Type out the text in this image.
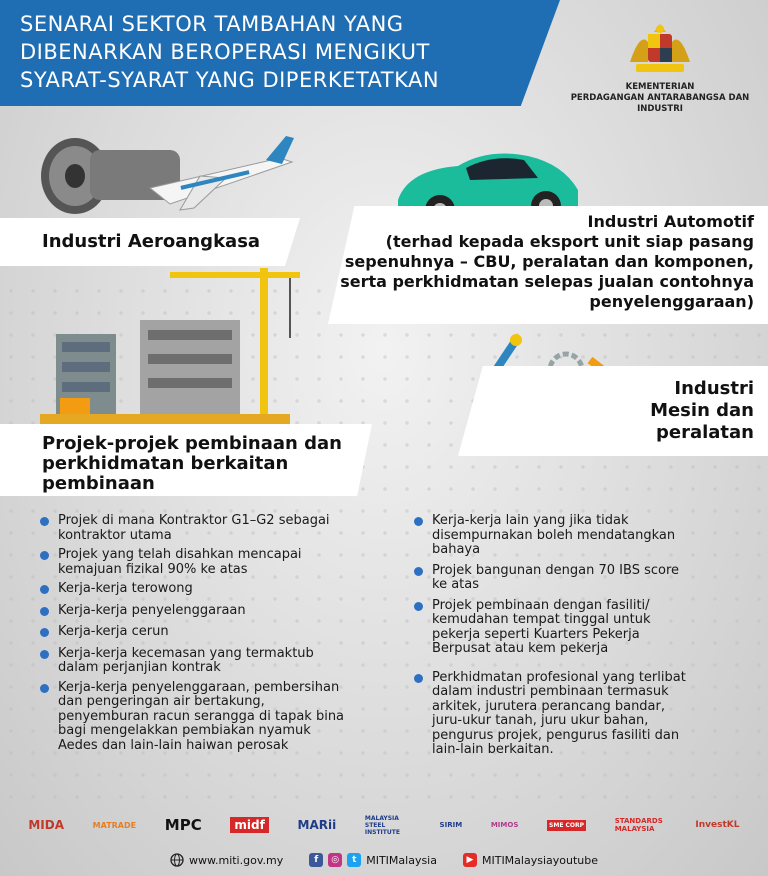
SENARAI SEKTOR TAMBAHAN YANG
DIBENARKAN BEROPERASI MENGIKUT
SYARAT-SYARAT YANG DIPERKETATKAN	KEMENTERIAN
PERDAGANGAN ANTARABANGSA DAN INDUSTRI
Industri Aeroangkasa
Industri Automotif
(terhad kepada eksport unit siap pasang
sepenuhnya – CBU, peralatan dan komponen,
serta perkhidmatan selepas jualan contohnya
penyelenggaraan)
Industri
Mesin dan
peralatan
Projek-projek pembinaan dan
perkhidmatan berkaitan
pembinaan
Projek di mana Kontraktor G1–G2 sebagai
kontraktor utama
Projek yang telah disahkan mencapai
kemajuan fizikal 90% ke atas
Kerja-kerja terowong
Kerja-kerja penyelenggaraan
Kerja-kerja cerun
Kerja-kerja kecemasan yang termaktub
dalam perjanjian kontrak
Kerja-kerja penyelenggaraan, pembersihan
dan pengeringan air bertakung,
penyemburan racun serangga di tapak bina
bagi mengelakkan pembiakan nyamuk
Aedes dan lain-lain haiwan perosak
Kerja-kerja lain yang jika tidak
disempurnakan boleh mendatangkan
bahaya
Projek bangunan dengan 70 IBS score
ke atas
Projek pembinaan dengan fasiliti/
kemudahan tempat tinggal untuk
pekerja seperti Kuarters Pekerja
Berpusat atau kem pekerja
Perkhidmatan profesional yang terlibat
dalam industri pembinaan termasuk
arkitek, jurutera perancang bandar,
juru-ukur tanah, juru ukur bahan,
pengurus projek, pengurus fasiliti dan
lain-lain berkaitan.
MIDA	MATRADE MPC	midf	MARii	MALAYSIA STEEL INSTITUTE
SIRIM	MIMOS	SME CORP	STANDARDS MALAYSIA	InvestKL
www.miti.gov.my	f	◎	t MITIMalaysia	▶ MITIMalaysiayoutube
